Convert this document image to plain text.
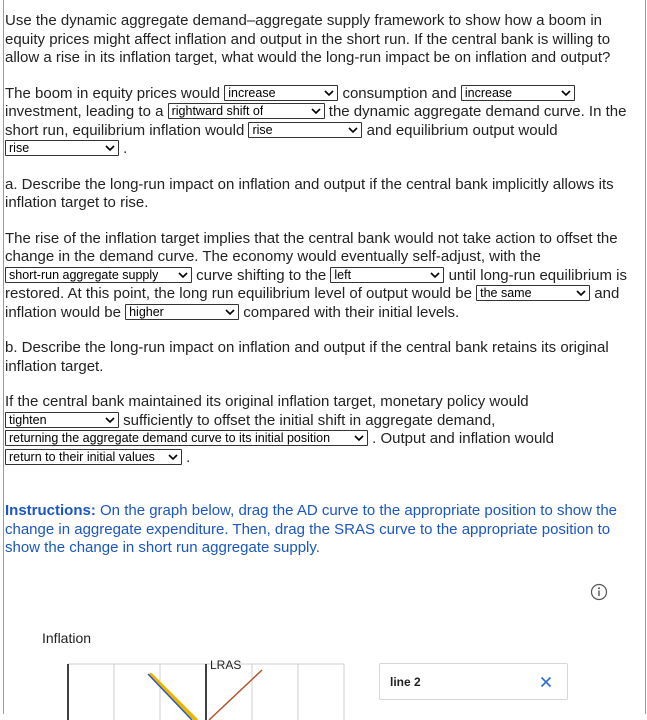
Use the dynamic aggregate demand–aggregate supply framework to show how a boom in equity prices might affect inflation and output in the short run. If the central bank is willing to allow a rise in its inflation target, what would the long-run impact be on inflation and output?

The boom in equity prices would increase	consumption and increase
investment, leading to a rightward shift of	the dynamic aggregate demand curve. In the short run, equilibrium inflation would rise	and equilibrium output would rise	.

a. Describe the long-run impact on inflation and output if the central bank implicitly allows its inflation target to rise.

The rise of the inflation target implies that the central bank would not take action to offset the change in the demand curve. The economy would eventually self-adjust, with the short-run aggregate supply
curve shifting to the left	until long-run equilibrium is restored. At this point, the long run equilibrium level of output would be the same	and inflation would be higher	compared with their initial levels.

b. Describe the long-run impact on inflation and output if the central bank retains its original inflation target.

If the central bank maintained its original inflation target, monetary policy would tighten	sufficiently to offset the initial shift in aggregate demand, returning the aggregate demand curve to its initial position	. Output and inflation would return to their initial values
.

Instructions: On the graph below, drag the AD curve to the appropriate position to show the change in aggregate expenditure. Then, drag the SRAS curve to the appropriate position to show the change in short run aggregate supply.

Inflation
LRAS
line 2
